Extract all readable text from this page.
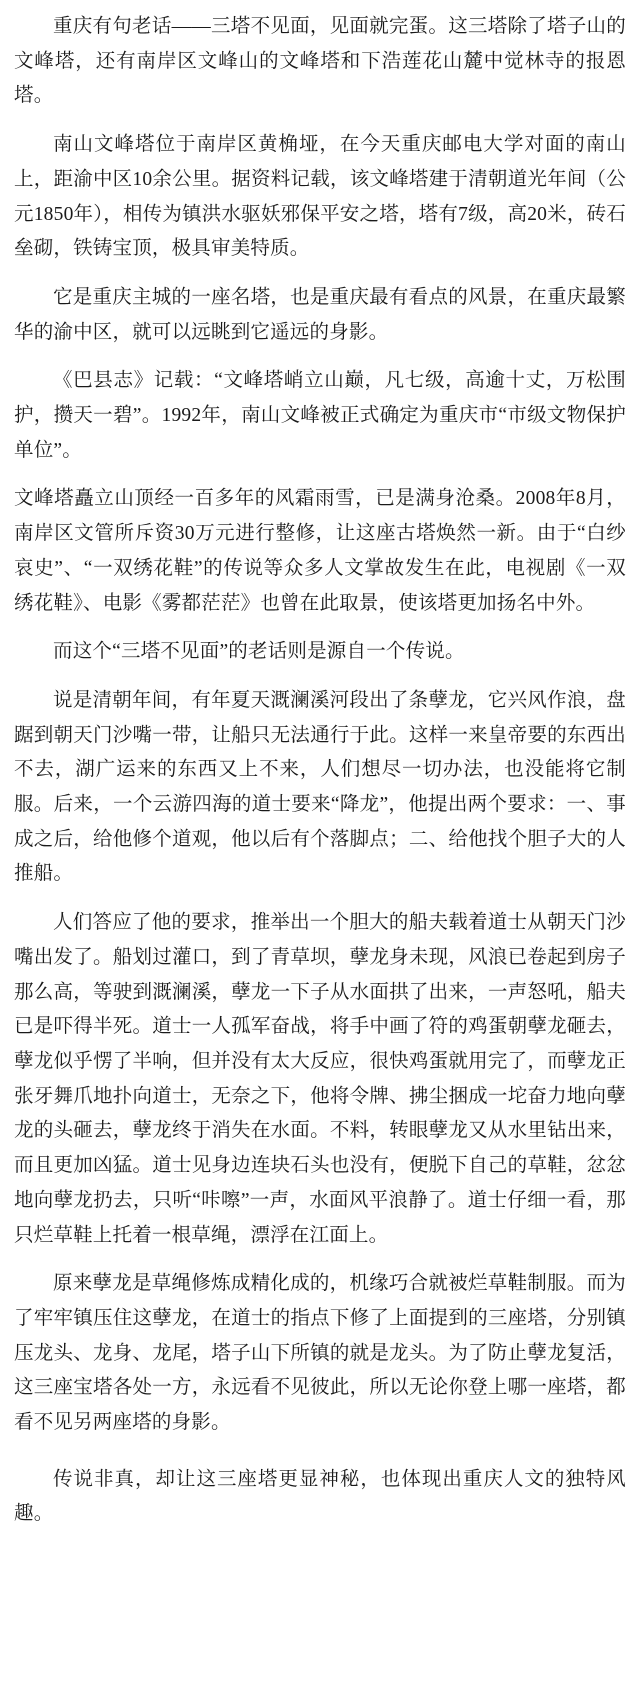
重庆有句老话——三塔不见面，见面就完蛋。这三塔除了塔子山的文峰塔，还有南岸区文峰山的文峰塔和下浩莲花山麓中觉林寺的报恩塔。

南山文峰塔位于南岸区黄桷垭，在今天重庆邮电大学对面的南山上，距渝中区10余公里。据资料记载，该文峰塔建于清朝道光年间（公元1850年），相传为镇洪水驱妖邪保平安之塔，塔有7级，高20米，砖石垒砌，铁铸宝顶，极具审美特质。

它是重庆主城的一座名塔，也是重庆最有看点的风景，在重庆最繁华的渝中区，就可以远眺到它遥远的身影。

《巴县志》记载：“文峰塔峭立山巅，凡七级，高逾十丈，万松围护，攒天一碧”。1992年，南山文峰被正式确定为重庆市“市级文物保护单位”。

文峰塔矗立山顶经一百多年的风霜雨雪，已是满身沧桑。2008年8月，南岸区文管所斥资30万元进行整修，让这座古塔焕然一新。由于“白纱哀史”、“一双绣花鞋”的传说等众多人文掌故发生在此，电视剧《一双绣花鞋》、电影《雾都茫茫》也曾在此取景，使该塔更加扬名中外。

而这个“三塔不见面”的老话则是源自一个传说。

说是清朝年间，有年夏天溉澜溪河段出了条孽龙，它兴风作浪，盘踞到朝天门沙嘴一带，让船只无法通行于此。这样一来皇帝要的东西出不去，湖广运来的东西又上不来，人们想尽一切办法，也没能将它制服。后来，一个云游四海的道士要来“降龙”，他提出两个要求：一、事成之后，给他修个道观，他以后有个落脚点；二、给他找个胆子大的人推船。

人们答应了他的要求，推举出一个胆大的船夫载着道士从朝天门沙嘴出发了。船划过灌口，到了青草坝，孽龙身未现，风浪已卷起到房子那么高，等驶到溉澜溪，孽龙一下子从水面拱了出来，一声怒吼，船夫已是吓得半死。道士一人孤军奋战，将手中画了符的鸡蛋朝孽龙砸去，孽龙似乎愣了半响，但并没有太大反应，很快鸡蛋就用完了，而孽龙正张牙舞爪地扑向道士，无奈之下，他将令牌、拂尘捆成一坨奋力地向孽龙的头砸去，孽龙终于消失在水面。不料，转眼孽龙又从水里钻出来，而且更加凶猛。道士见身边连块石头也没有，便脱下自己的草鞋，忿忿地向孽龙扔去，只听“咔嚓”一声，水面风平浪静了。道士仔细一看，那只烂草鞋上托着一根草绳，漂浮在江面上。

原来孽龙是草绳修炼成精化成的，机缘巧合就被烂草鞋制服。而为了牢牢镇压住这孽龙，在道士的指点下修了上面提到的三座塔，分别镇压龙头、龙身、龙尾，塔子山下所镇的就是龙头。为了防止孽龙复活，这三座宝塔各处一方，永远看不见彼此，所以无论你登上哪一座塔，都看不见另两座塔的身影。

传说非真，却让这三座塔更显神秘，也体现出重庆人文的独特风趣。
